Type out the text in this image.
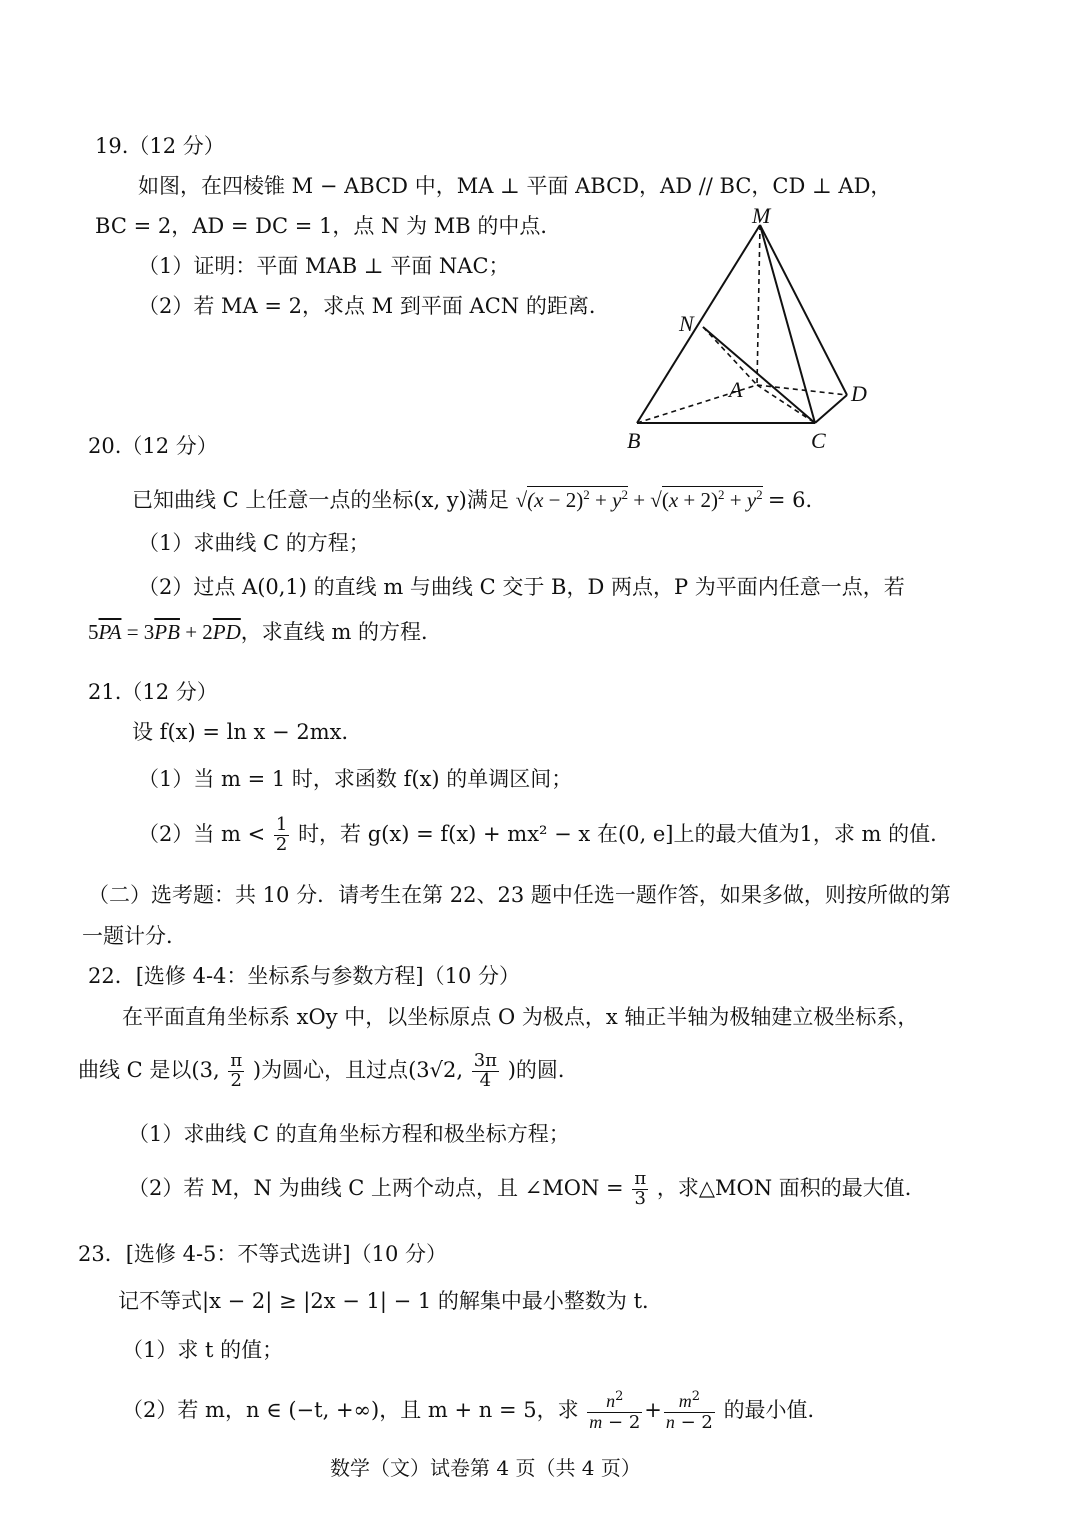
19.（12 分）
如图，在四棱锥 M − ABCD 中，MA ⊥ 平面 ABCD，AD // BC，CD ⊥ AD，
BC = 2，AD = DC = 1，点 N 为 MB 的中点．
（1）证明：平面 MAB ⊥ 平面 NAC；
（2）若 MA = 2，求点 M 到平面 ACN 的距离．
M
N
A	D
B	C
20.（12 分）
已知曲线 C 上任意一点的坐标(x, y)满足 $√(x - 2)^2 + y^2 + √(x + 2)^2 + y^2 = 6$．
（1）求曲线 C 的方程；
（2）过点 A(0,1) 的直线 m 与曲线 C 交于 B，D 两点，P 为平面内任意一点，若
$5\overline{PA} = 3\overline{PB} + 2\overline{PD}$，求直线 m 的方程．
21.（12 分）
设 f(x) = ln x − 2mx．
（1）当 m = 1 时，求函数 f(x) 的单调区间；
（2）当 $m < \frac{1}{2}$ 时，若 g(x) = f(x) + mx² − x 在(0, e]上的最大值为1，求 m 的值．
（二）选考题：共 10 分．请考生在第 22、23 题中任选一题作答，如果多做，则按所做的第
一题计分．
22．[选修 4-4：坐标系与参数方程]（10 分）
在平面直角坐标系 xOy 中，以坐标原点 O 为极点，x 轴正半轴为极轴建立极坐标系，
曲线 C 是以(3, $\frac{\pi}{2}$ )为圆心，且过点(3√2, $\frac{3\pi}{4}$ )的圆．
（1）求曲线 C 的直角坐标方程和极坐标方程；
（2）若 M，N 为曲线 C 上两个动点，且 ∠MON = $\frac{\pi}{3}$ ，求△MON 面积的最大值．
23．[选修 4-5：不等式选讲]（10 分）
记不等式|x − 2| ≥ |2x − 1| − 1 的解集中最小整数为 t．
（1）求 t 的值；
（2）若 m，n ∈ (−t, +∞)，且 m + n = 5，求 $\frac{n^2}{m - 2} + \frac{m^2}{n - 2}$ 的最小值．
数学（文）试卷第 4 页（共 4 页）
